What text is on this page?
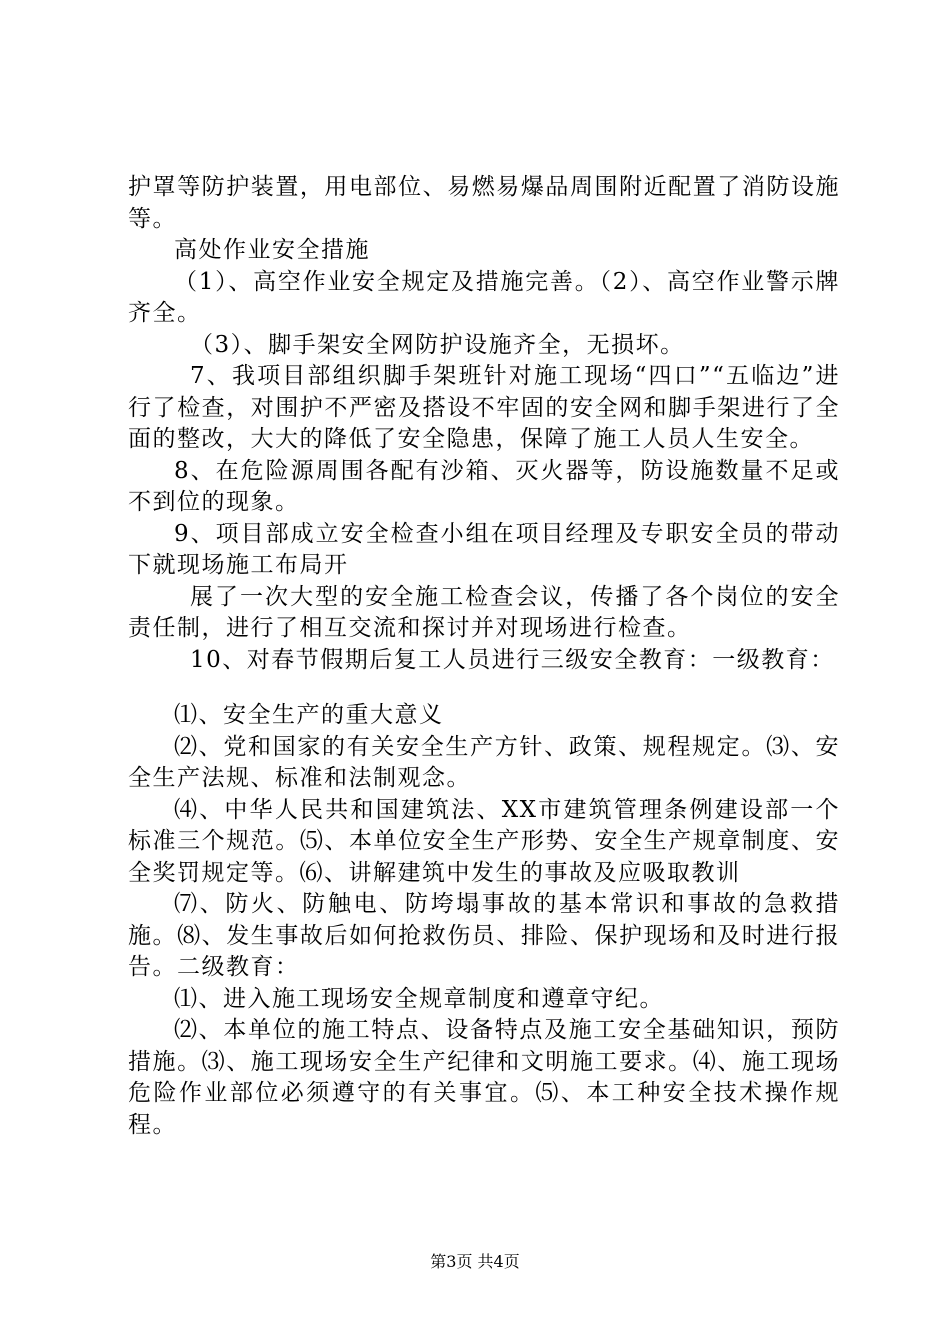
护罩等防护装置，用电部位、易燃易爆品周围附近配置了消防设施等。

高处作业安全措施

（1）、高空作业安全规定及措施完善。（2）、高空作业警示牌齐全。

（3）、脚手架安全网防护设施齐全，无损坏。

7、我项目部组织脚手架班针对施工现场“四口”“五临边”进行了检查，对围护不严密及搭设不牢固的安全网和脚手架进行了全面的整改，大大的降低了安全隐患，保障了施工人员人生安全。

8、在危险源周围各配有沙箱、灭火器等，防设施数量不足或不到位的现象。

9、项目部成立安全检查小组在项目经理及专职安全员的带动下就现场施工布局开

展了一次大型的安全施工检查会议，传播了各个岗位的安全责任制，进行了相互交流和探讨并对现场进行检查。

10、对春节假期后复工人员进行三级安全教育：一级教育：

⑴、安全生产的重大意义

⑵、党和国家的有关安全生产方针、政策、规程规定。⑶、安全生产法规、标准和法制观念。

⑷、中华人民共和国建筑法、XX市建筑管理条例建设部一个标准三个规范。⑸、本单位安全生产形势、安全生产规章制度、安全奖罚规定等。⑹、讲解建筑中发生的事故及应吸取教训

⑺、防火、防触电、防垮塌事故的基本常识和事故的急救措施。⑻、发生事故后如何抢救伤员、排险、保护现场和及时进行报告。二级教育：

⑴、进入施工现场安全规章制度和遵章守纪。

⑵、本单位的施工特点、设备特点及施工安全基础知识，预防措施。⑶、施工现场安全生产纪律和文明施工要求。⑷、施工现场危险作业部位必须遵守的有关事宜。⑸、本工种安全技术操作规程。

第3页 共4页
